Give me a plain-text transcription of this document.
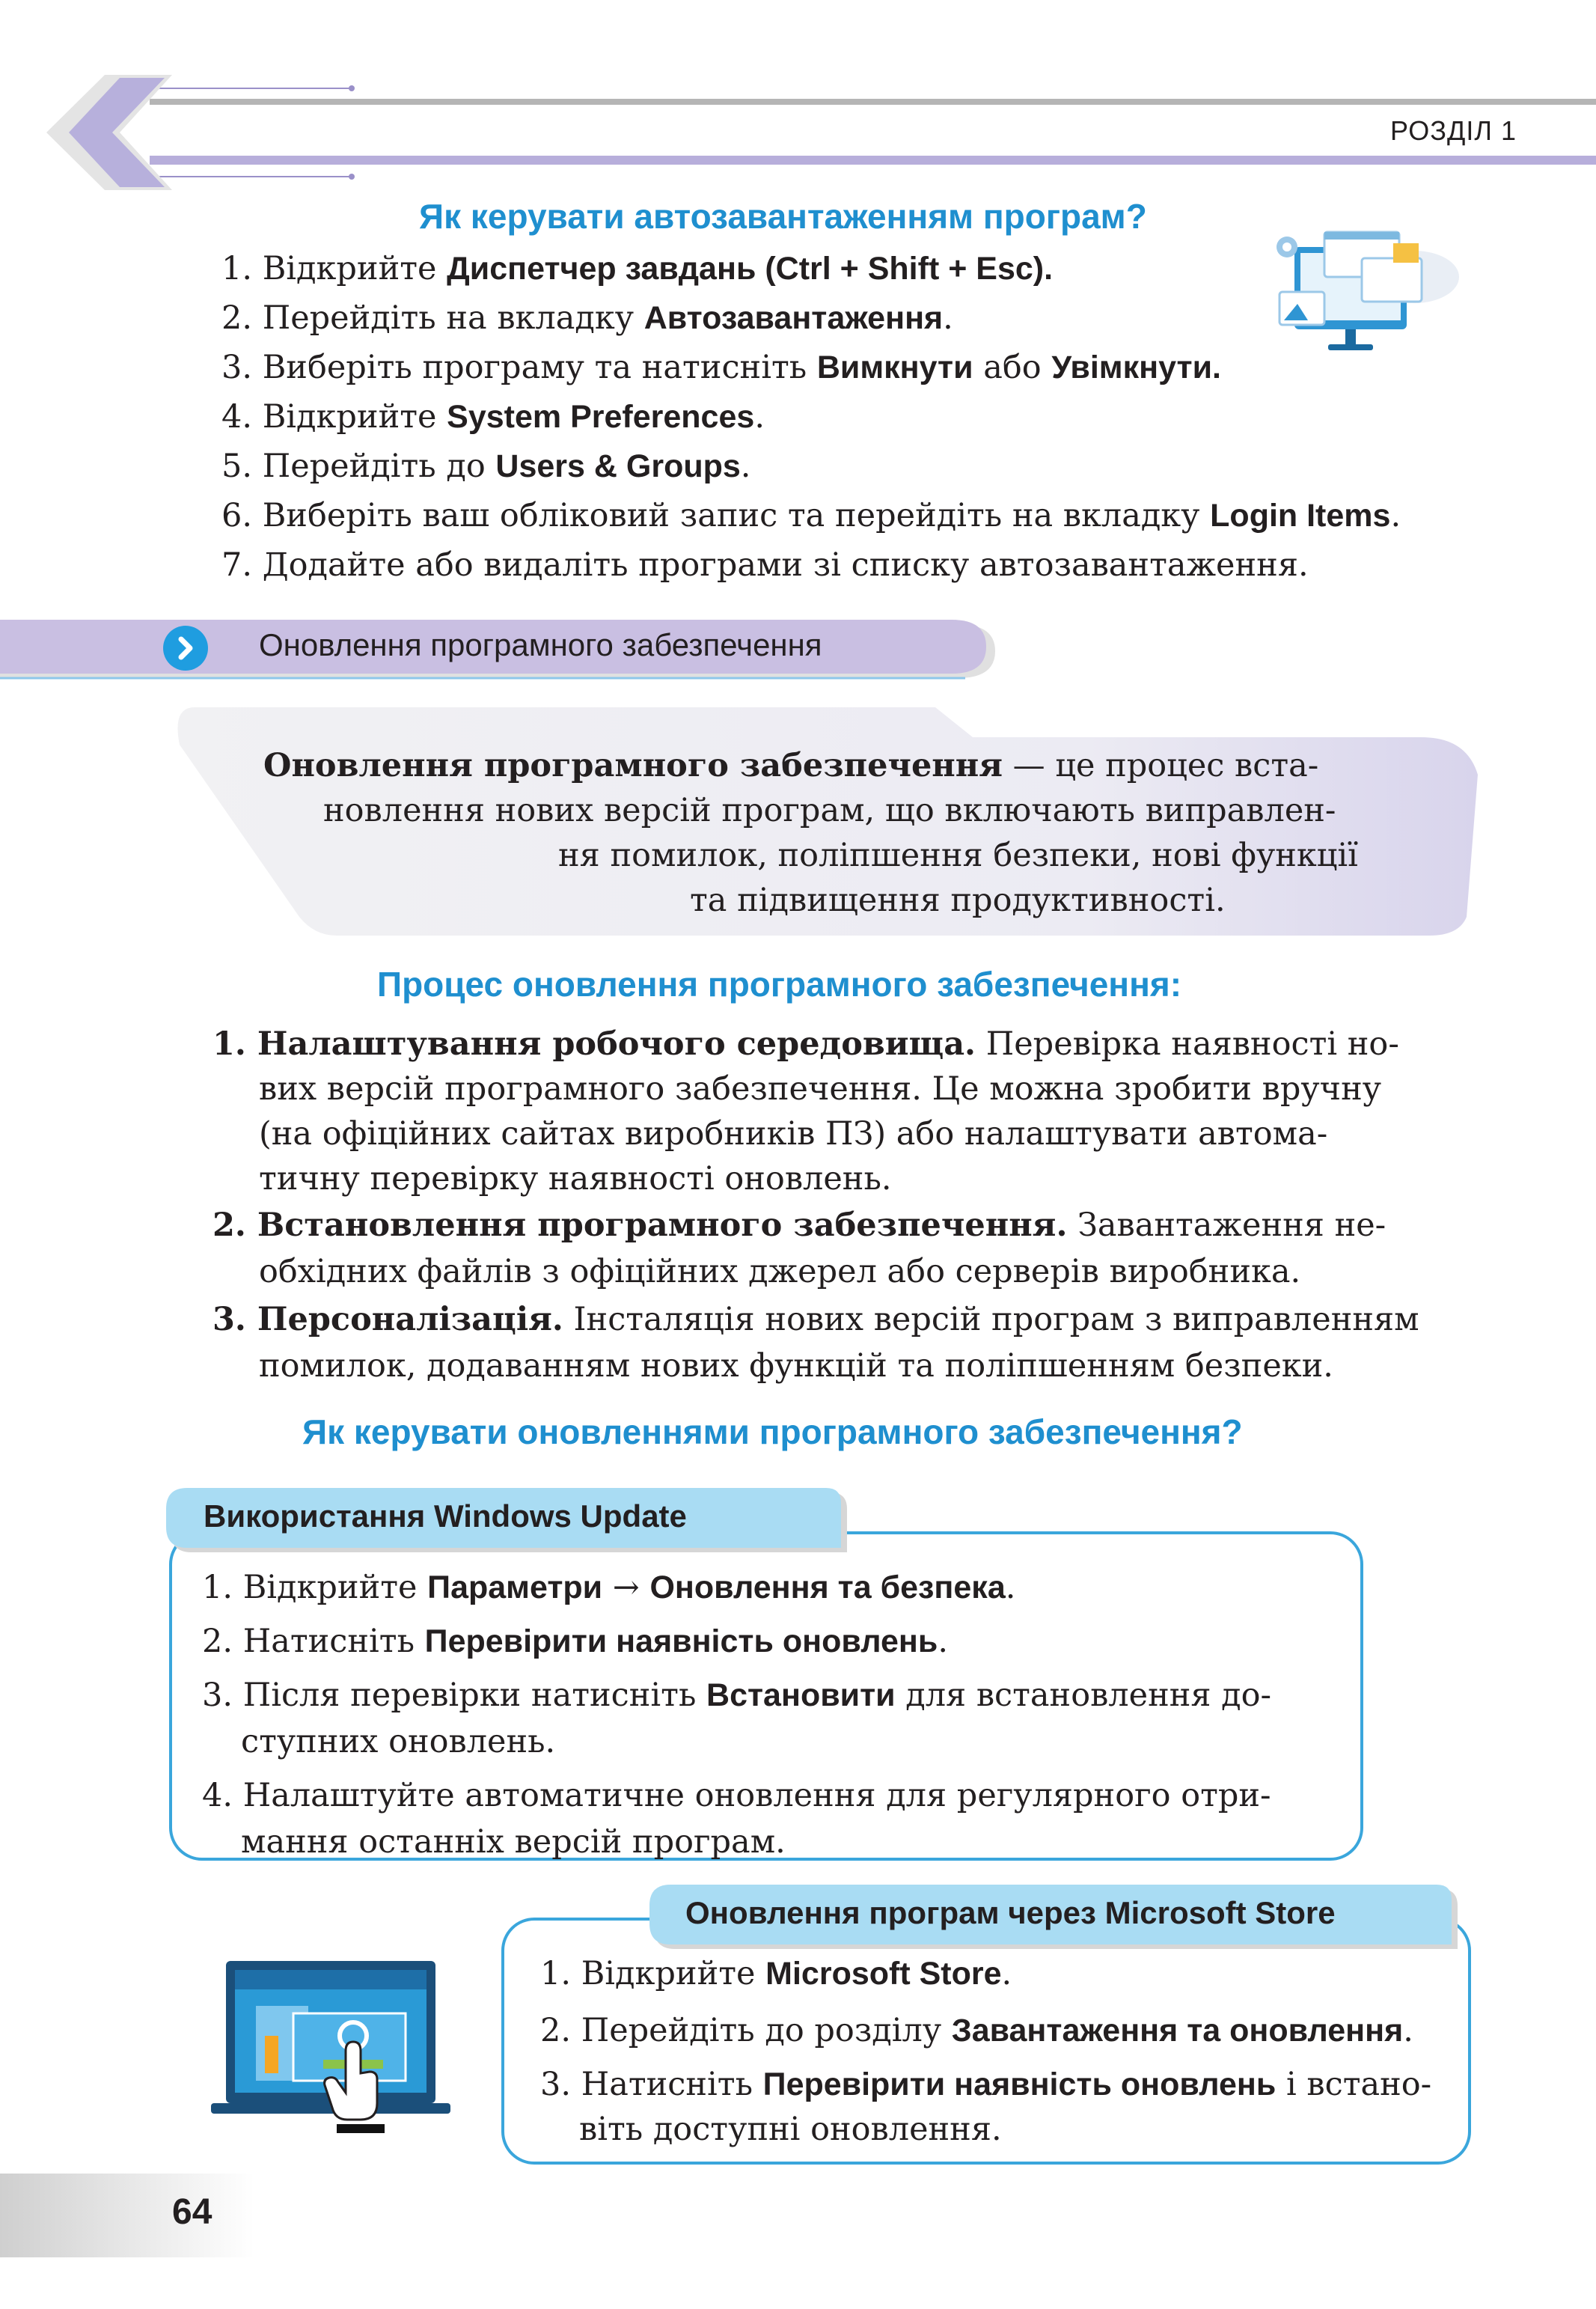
РОЗДІЛ 1
Як керувати автозавантаженням програм?
1. Відкрийте Диспетчер завдань (Ctrl + Shift + Esc).
2. Перейдіть на вкладку Автозавантаження.
3. Виберіть програму та натисніть Вимкнути або Увімкнути.
4. Відкрийте System Preferences.
5. Перейдіть до Users & Groups.
6. Виберіть ваш обліковий запис та перейдіть на вкладку Login Items.
7. Додайте або видаліть програми зі списку автозавантаження.
Оновлення програмного забезпечення
Оновлення програмного забезпечення — це процес вста-
новлення нових версій програм, що включають виправлен-
ня помилок, поліпшення безпеки, нові функції
та підвищення продуктивності.
Процес оновлення програмного забезпечення:
1. Налаштування робочого середовища. Перевірка наявності но-
вих версій програмного забезпечення. Це можна зробити вручну
(на офіційних сайтах виробників ПЗ) або налаштувати автома-
тичну перевірку наявності оновлень.
2. Встановлення програмного забезпечення. Завантаження не-
обхідних файлів з офіційних джерел або серверів виробника.
3. Персоналізація. Інсталяція нових версій програм з виправленням
помилок, додаванням нових функцій та поліпшенням безпеки.
Як керувати оновленнями програмного забезпечення?
Використання Windows Update
1. Відкрийте Параметри → Оновлення та безпека.
2. Натисніть Перевірити наявність оновлень.
3. Після перевірки натисніть Встановити для встановлення до-
ступних оновлень.
4. Налаштуйте автоматичне оновлення для регулярного отри-
мання останніх версій програм.
Оновлення програм через Microsoft Store
1. Відкрийте Microsoft Store.
2. Перейдіть до розділу Завантаження та оновлення.
3. Натисніть Перевірити наявність оновлень і встано-
віть доступні оновлення.
64
